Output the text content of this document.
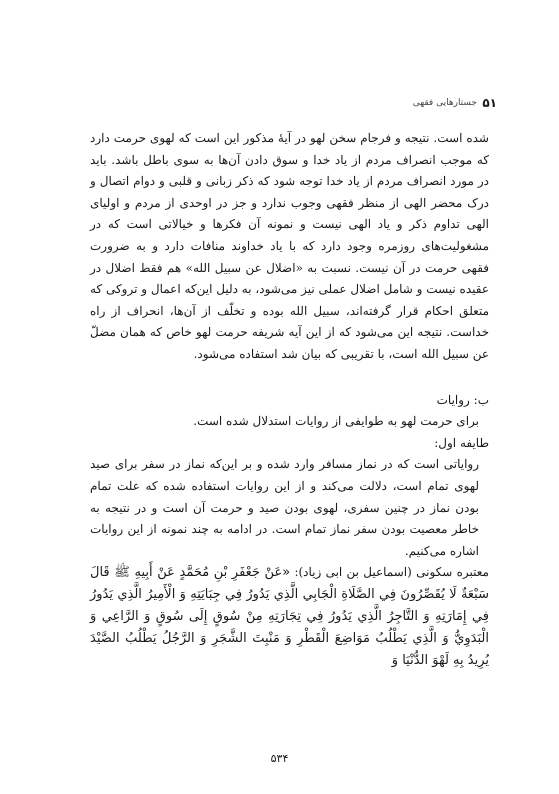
۵۱
جستارهایی فقهی

شده است. نتیجه و فرجام سخن لهو در آیهٔ مذکور این است که لهوی حرمت دارد که موجب انصراف مردم از یاد خدا و سوق دادن آن‌ها به سوی باطل باشد. باید در مورد انصراف مردم از یاد خدا توجه شود که ذکر زبانی و قلبی و دوام اتصال و درک محضر الهی از منظر فقهی وجوب ندارد و جز در اوحدی از مردم و اولیای الهی تداوم ذکر و یاد الهی نیست و نمونه آن فکرها و خیالاتی است که در مشغولیت‌های روزمره وجود دارد که با یاد خداوند منافات دارد و به ضرورت فقهی حرمت در آن نیست. نسبت به «اضلال عن سبیل الله» هم فقط اضلال در عقیده نیست و شامل اضلال عملی نیز می‌شود، به دلیل این‌که اعمال و تروکی که متعلق احکام قرار گرفته‌اند، سبیل الله بوده و تخلّف از آن‌ها، انحراف از راه خداست. نتیجه این می‌شود که از این آیه شریفه حرمت لهو خاص که همان مضلّ عن سبیل الله است، با تقریبی که بیان شد استفاده می‌شود.

ب: روایات

برای حرمت لهو به طوایفی از روایات استدلال شده است.

طایفه اول:

روایاتی است که در نماز مسافر وارد شده و بر این‌که نماز در سفر برای صید لهوی تمام است، دلالت می‌کند و از این روایات استفاده شده که علت تمام بودن نماز در چنین سفری، لهوی بودن صید و حرمت آن است و در نتیجه به خاطر معصیت بودن سفر نماز تمام است. در ادامه به چند نمونه از این روایات اشاره می‌کنیم.

معتبره سکونی (اسماعیل بن ابی زیاد): «عَنْ جَعْفَرِ بْنِ مُحَمَّدٍ عَنْ أَبِيهِ ﷺ قَالَ سَبْعَةٌ لَا يُقَصِّرُونَ فِي الصَّلَاةِ الْجَابِي الَّذِي يَدُورُ فِي جِبَايَتِهِ وَ الْأَمِيرُ الَّذِي يَدُورُ فِي إِمَارَتِهِ وَ التَّاجِرُ الَّذِي يَدُورُ فِي تِجَارَتِهِ مِنْ سُوقٍ إِلَى سُوقٍ وَ الرَّاعِي وَ الْبَدَوِيُّ وَ الَّذِي يَطْلُبُ مَوَاضِعَ الْقَطْرِ وَ مَنْبِتَ الشَّجَرِ وَ الرَّجُلُ يَطْلُبُ الصَّيْدَ يُرِيدُ بِهِ لَهْوَ الدُّنْيَا وَ

۵۳۴
